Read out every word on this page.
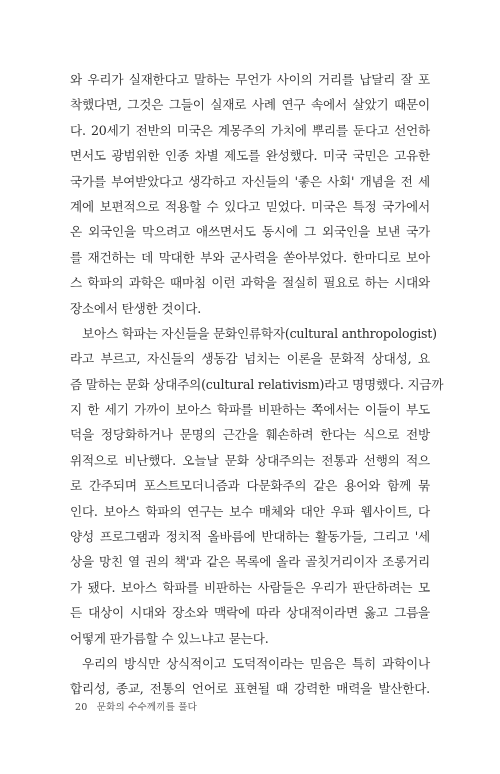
와 우리가 실재한다고 말하는 무언가 사이의 거리를 납달리 잘 포
착했다면, 그것은 그들이 실재로 사례 연구 속에서 살았기 때문이
다. 20세기 전반의 미국은 계몽주의 가치에 뿌리를 둔다고 선언하
면서도 광범위한 인종 차별 제도를 완성했다. 미국 국민은 고유한
국가를 부여받았다고 생각하고 자신들의 '좋은 사회' 개념을 전 세
계에 보편적으로 적용할 수 있다고 믿었다. 미국은 특정 국가에서
온 외국인을 막으려고 애쓰면서도 동시에 그 외국인을 보낸 국가
를 재건하는 데 막대한 부와 군사력을 쏟아부었다. 한마디로 보아
스 학파의 과학은 때마침 이런 과학을 절실히 필요로 하는 시대와
장소에서 탄생한 것이다.
보아스 학파는 자신들을 문화인류학자(cultural anthropologist)
라고 부르고, 자신들의 생동감 넘치는 이론을 문화적 상대성, 요
즘 말하는 문화 상대주의(cultural relativism)라고 명명했다. 지금까
지 한 세기 가까이 보아스 학파를 비판하는 쪽에서는 이들이 부도
덕을 정당화하거나 문명의 근간을 훼손하려 한다는 식으로 전방
위적으로 비난했다. 오늘날 문화 상대주의는 전통과 선행의 적으
로 간주되며 포스트모더니즘과 다문화주의 같은 용어와 함께 묶
인다. 보아스 학파의 연구는 보수 매체와 대안 우파 웹사이트, 다
양성 프로그램과 정치적 올바름에 반대하는 활동가들, 그리고 '세
상을 망친 열 권의 책'과 같은 목록에 올라 골칫거리이자 조롱거리
가 됐다. 보아스 학파를 비판하는 사람들은 우리가 판단하려는 모
든 대상이 시대와 장소와 맥락에 따라 상대적이라면 옳고 그름을
어떻게 판가름할 수 있느냐고 묻는다.
우리의 방식만 상식적이고 도덕적이라는 믿음은 특히 과학이나
합리성, 종교, 전통의 언어로 표현될 때 강력한 매력을 발산한다.
20 문화의 수수께끼를 풀다
